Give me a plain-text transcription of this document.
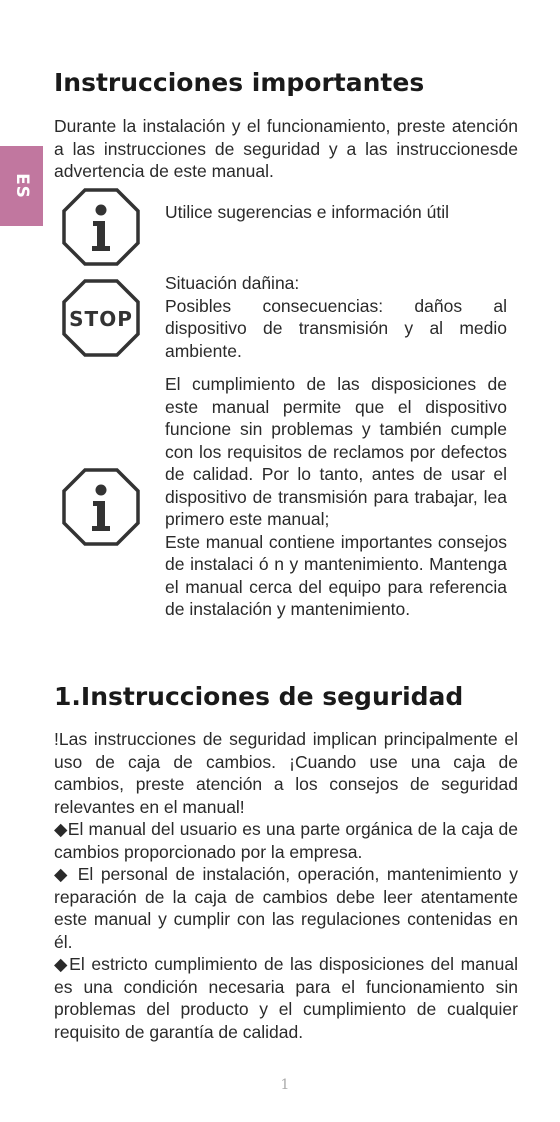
ES
Instrucciones importantes

Durante la instalación y el funcionamiento, preste atención a las instrucciones de seguridad y a las instruccionesde advertencia de este manual.

Utilice sugerencias e información útil

STOP

Situación dañina:

Posibles consecuencias: daños al dispositivo de transmisión y al medio ambiente.

El cumplimiento de las disposiciones de este manual permite que el dispositivo funcione sin problemas y también cumple con los requisitos de reclamos por defectos de calidad. Por lo tanto, antes de usar el dispositivo de transmisión para trabajar, lea primero este manual;

Este manual contiene importantes consejos de instalaci ó n y mantenimiento. Mantenga el manual cerca del equipo para referencia de instalación y mantenimiento.

1.Instrucciones de seguridad

!Las instrucciones de seguridad implican principalmente el uso de caja de cambios. ¡Cuando use una caja de cambios, preste atención a los consejos de seguridad relevantes en el manual!

◆El manual del usuario es una parte orgánica de la caja de cambios proporcionado por la empresa.

◆ El personal de instalación, operación, mantenimiento y reparación de la caja de cambios debe leer atentamente este manual y cumplir con las regulaciones contenidas en él.

◆El estricto cumplimiento de las disposiciones del manual es una condición necesaria para el funcionamiento sin problemas del producto y el cumplimiento de cualquier requisito de garantía de calidad.

1
